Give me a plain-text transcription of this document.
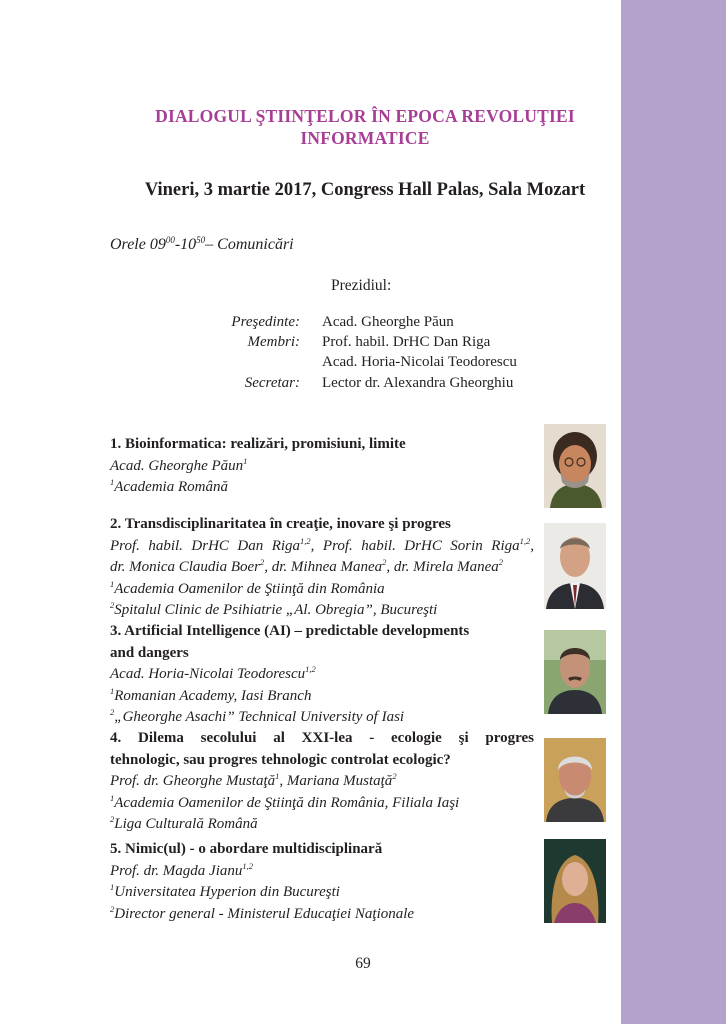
DIALOGUL ŞTIINŢELOR ÎN EPOCA REVOLUŢIEI
INFORMATICE
Vineri, 3 martie 2017, Congress Hall Palas, Sala Mozart
Orele $09^{00}-10^{50}-$ Comunicări
Prezidiul:
Preşedinte: Acad. Gheorghe Păun
Membri: Prof. habil. DrHC Dan Riga
Acad. Horia-Nicolai Teodorescu
Secretar: Lector dr. Alexandra Gheorghiu
1. Bioinformatica: realizări, promisiuni, limite
Acad. Gheorghe Păun$^1$
$^1$Academia Română
2. Transdisciplinaritatea în creaţie, inovare şi progres
Prof. habil. DrHC Dan Riga$^{1,2}$, Prof. habil. DrHC Sorin Riga$^{1,2}$,
dr. Monica Claudia Boer$^2$, dr. Mihnea Manea$^2$, dr. Mirela Manea$^2$
$^1$Academia Oamenilor de Ştiinţă din România
$^2$Spitalul Clinic de Psihiatrie „Al. Obregia”, Bucureşti
3. Artificial Intelligence (AI) – predictable developments
and dangers
Acad. Horia-Nicolai Teodorescu$^{1,2}$
$^1$Romanian Academy, Iasi Branch
$^2$„Gheorghe Asachi” Technical University of Iasi
4. Dilema secolului al XXI-lea - ecologie şi progres
tehnologic, sau progres tehnologic controlat ecologic?
Prof. dr. Gheorghe Mustaţă$^1$, Mariana Mustaţă$^2$
$^1$Academia Oamenilor de Ştiinţă din România, Filiala Iaşi
$^2$Liga Culturală Română
5. Nimic(ul) - o abordare multidisciplinară
Prof. dr. Magda Jianu$^{1,2}$
$^1$Universitatea Hyperion din Bucureşti
$^2$Director general - Ministerul Educaţiei Naţionale
69
